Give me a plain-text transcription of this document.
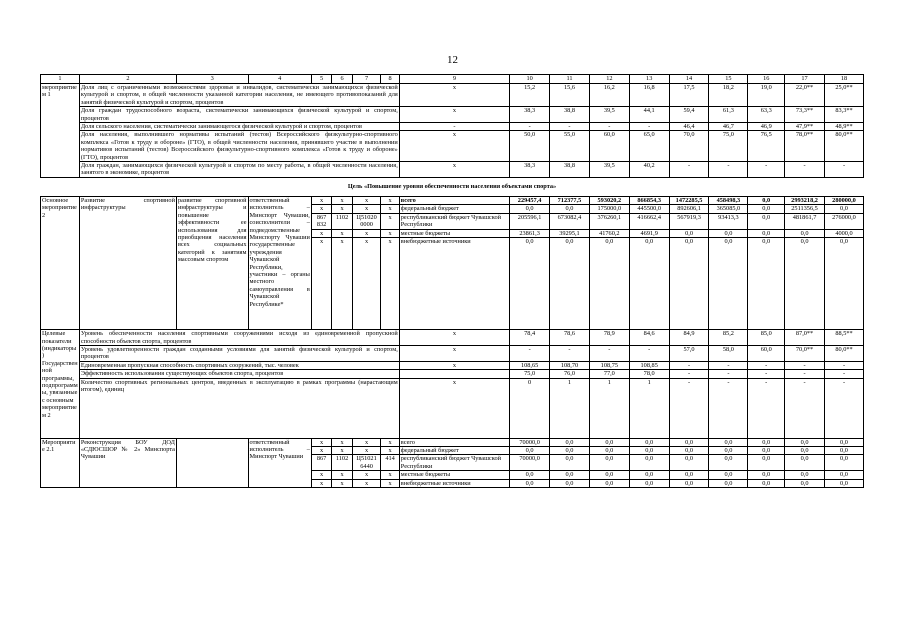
12
1	2	3	4	5	6	7	8	9	10	11	12	13	14	15	16	17	18
мероприятием 1	Доля лиц с ограниченными возможностями здоровья и инвалидов, систематически занимающихся физической культурой и спортом, в общей численности указанной категории населения, не имеющего противопоказаний для занятий физической культурой и спортом, процентов							х	15,2	15,6	16,2	16,8	17,5	18,2	19,0	22,0**	25,0**
	Доля граждан трудоспособного возраста, систематически занимающихся физической культурой и спортом, процентов							х	38,3	38,8	39,5	44,1	59,4	61,3	63,3	73,3**	83,3**
	Доля сельского населения, систематически занимающегося физической культурой и спортом, процентов							-	-	-	-	-	46,4	46,7	46,9	47,9**	48,9**
	Доля населения, выполнившего нормативы испытаний (тестов) Всероссийского физкультурно-спортивного комплекса «Готов к труду и обороне» (ГТО), в общей численности населения, принявшего участие в выполнении нормативов испытаний (тестов) Всероссийского физкультурно-спортивного комплекса «Готов к труду и обороне» (ГТО), процентов							х	50,0	55,0	60,0	65,0	70,0	75,0	76,5	78,0**	80,0**
	Доля граждан, занимающихся физической культурой и спортом по месту работы, в общей численности населения, занятого в экономике, процентов							х	38,3	38,8	39,5	40,2	-	-	-	-	-
Цель «Повышение уровня обеспеченности населения объектами спорта»																	
Основное мероприятие 2	Развитие спортивной инфраструктуры	развитие спортивной инфраструктуры и повышение эффективности ее использования для приобщения населения всех социальных категорий к занятиям массовым спортом	ответственный исполнитель – Минспорт Чувашии, соисполнители – подведомственные Минспорту Чувашии государственные учреждения Чувашской Республики, участники – органы местного самоуправления в Чувашской Республике*	х	х	х	х	всего	229457,4	712377,5	593020,2	866854,3	1472285,5	458498,3	0,0	2993218,2	280000,0
				х	х	х	х	федеральный бюджет	0,0	0,0	175000,0	445500,0	892606,1	365085,0	0,0	2511356,5	0,0
				867 832	1102	Ц51020 0000	х	республиканский бюджет Чувашской Республики	205596,1	673082,4	376260,1	416662,4	567919,3	93413,3	0,0	481861,7	276000,0
				х	х	х	х	местные бюджеты	23861,3	39295,1	41760,2	4691,9	0,0	0,0	0,0	0,0	4000,0
				х	х	х	х	внебюджетные источники	0,0	0,0	0,0	0,0	0,0	0,0	0,0	0,0	0,0
Целевые показатели (индикаторы) Государственной программы, подпрограммы, увязанные с основным мероприятием 2	Уровень обеспеченности населения спортивными сооружениями исходя из единовременной пропускной способности объектов спорта, процентов							х	78,4	78,6	78,9	84,6	84,9	85,2	85,0	87,0**	88,5**
	Уровень удовлетворенности граждан созданными условиями для занятий физической культурой и спортом, процентов							х	-	-	-	-	57,0	58,0	60,0	70,0**	80,0**
	Единовременная пропускная способность спортивных сооружений, тыс. человек							х	108,65	108,70	108,75	108,85	-	-	-	-	-
	Эффективность использования существующих объектов спорта, процентов								75,0	76,0	77,0	78,0	-	-	-	-	-
	Количество спортивных региональных центров, введенных в эксплуатацию в рамках программы (нарастающим итогом), единиц							х	0	1	1	1	-	-	-	-	-
Мероприятие 2.1	Реконструкция БОУ ДОД «СДЮСШОР № 2» Минспорта Чувашии		ответственный исполнитель – Минспорт Чувашии	х	х	х	х	всего	70000,0	0,0	0,0	0,0	0,0	0,0	0,0	0,0	0,0
				х	х	х	х	федеральный бюджет	0,0	0,0	0,0	0,0	0,0	0,0	0,0	0,0	0,0
				867	1102	Ц51021 6440	414	республиканский бюджет Чувашской Республики	70000,0	0,0	0,0	0,0	0,0	0,0	0,0	0,0	0,0
				х	х	х	х	местные бюджеты	0,0	0,0	0,0	0,0	0,0	0,0	0,0	0,0	0,0
				х	х	х	х	внебюджетные источники	0,0	0,0	0,0	0,0	0,0	0,0	0,0	0,0	0,0
